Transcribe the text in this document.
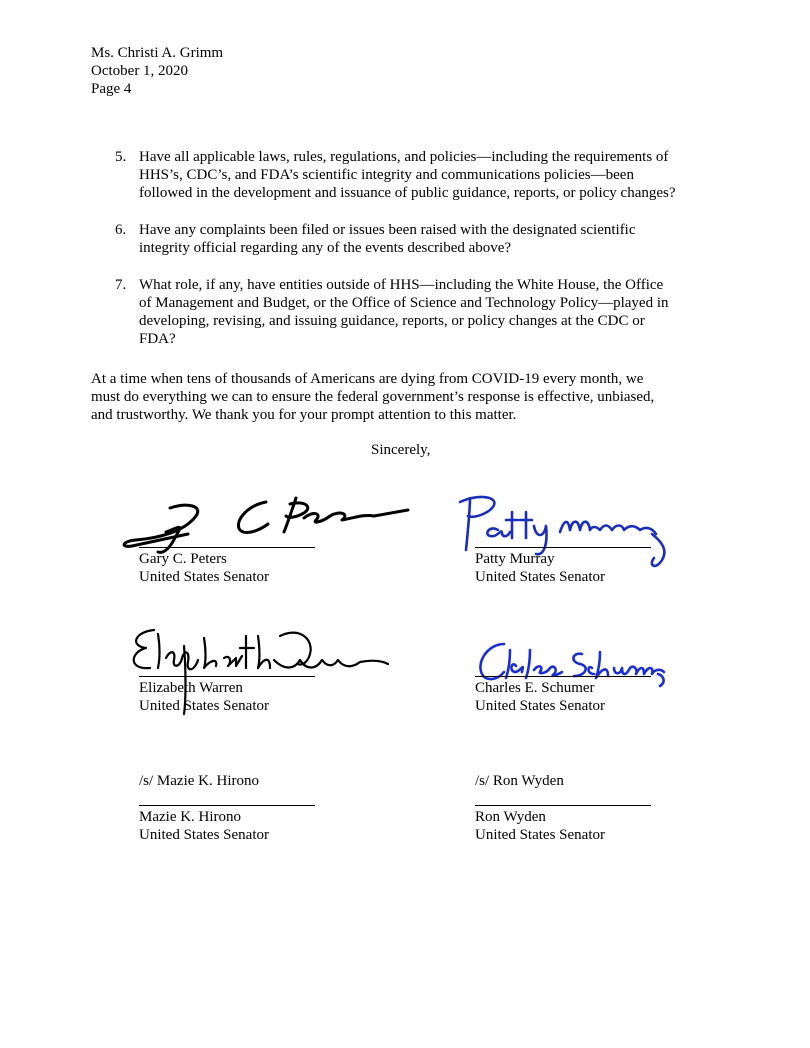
Ms. Christi A. Grimm
October 1, 2020
Page 4
5. Have all applicable laws, rules, regulations, and policies—including the requirements of
HHS’s, CDC’s, and FDA’s scientific integrity and communications policies—been
followed in the development and issuance of public guidance, reports, or policy changes?
6. Have any complaints been filed or issues been raised with the designated scientific
integrity official regarding any of the events described above?
7. What role, if any, have entities outside of HHS—including the White House, the Office
of Management and Budget, or the Office of Science and Technology Policy—played in
developing, revising, and issuing guidance, reports, or policy changes at the CDC or
FDA?
At a time when tens of thousands of Americans are dying from COVID-19 every month, we
must do everything we can to ensure the federal government’s response is effective, unbiased,
and trustworthy. We thank you for your prompt attention to this matter.
Sincerely,
Gary C. Peters
United States Senator
Patty Murray
United States Senator
Elizabeth Warren
United States Senator
Charles E. Schumer
United States Senator
/s/ Mazie K. Hirono	/s/ Ron Wyden
Mazie K. Hirono
United States Senator
Ron Wyden
United States Senator
